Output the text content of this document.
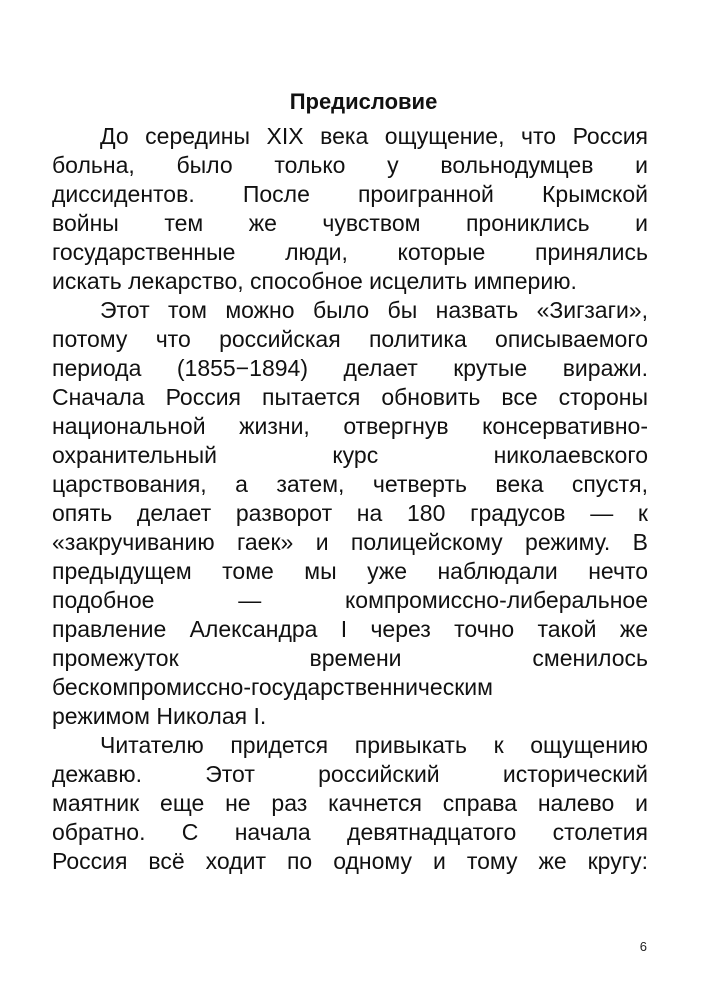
Предисловие
До середины XIX века ощущение, что Россия
больна, было только у вольнодумцев и
диссидентов. После проигранной Крымской
войны тем же чувством прониклись и
государственные люди, которые принялись
искать лекарство, способное исцелить империю.
Этот том можно было бы назвать «Зигзаги»,
потому что российская политика описываемого
периода (1855−1894) делает крутые виражи.
Сначала Россия пытается обновить все стороны
национальной жизни, отвергнув консервативно-
охранительный курс николаевского
царствования, а затем, четверть века спустя,
опять делает разворот на 180 градусов — к
«закручиванию гаек» и полицейскому режиму. В
предыдущем томе мы уже наблюдали нечто
подобное — компромиссно-либеральное
правление Александра I через точно такой же
промежуток времени сменилось
бескомпромиссно-государственническим
режимом Николая I.
Читателю придется привыкать к ощущению
дежавю. Этот российский исторический
маятник еще не раз качнется справа налево и
обратно. С начала девятнадцатого столетия
Россия всё ходит по одному и тому же кругу:
6
